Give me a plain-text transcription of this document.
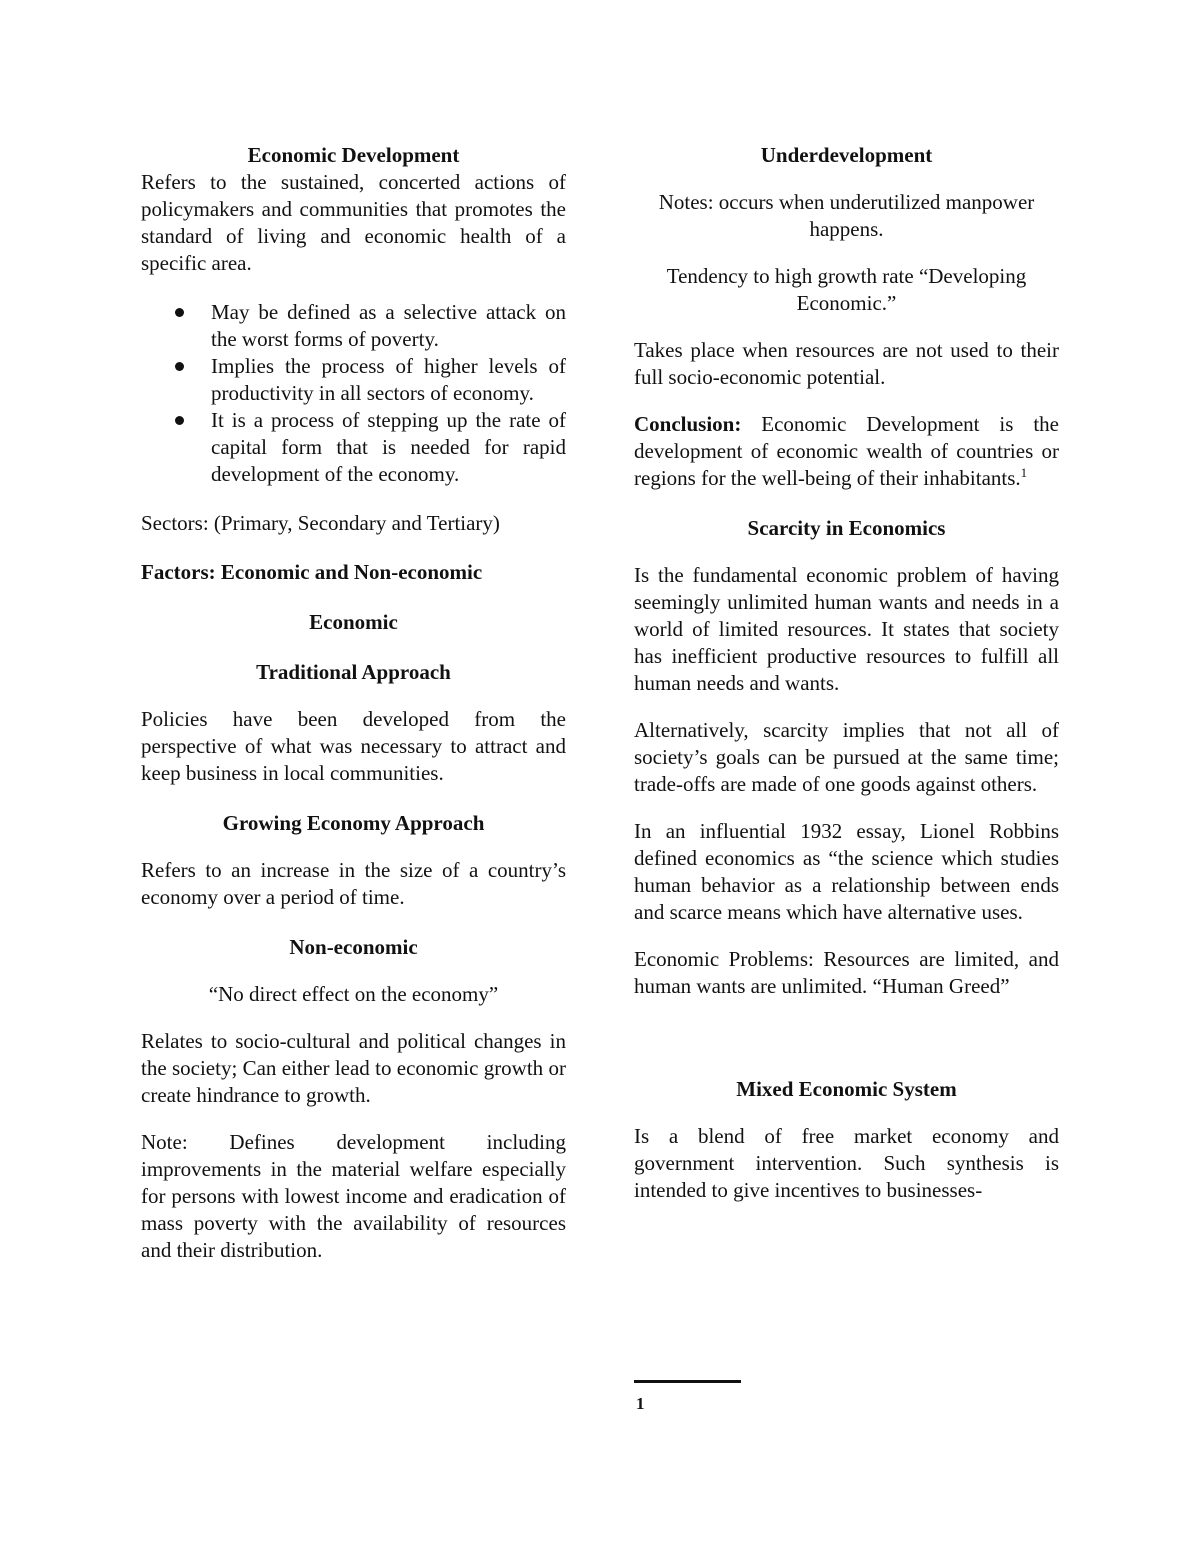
Economic Development

Refers to the sustained, concerted actions of policymakers and communities that promotes the standard of living and economic health of a specific area.

May be defined as a selective attack on the worst forms of poverty.
Implies the process of higher levels of productivity in all sectors of economy.
It is a process of stepping up the rate of capital form that is needed for rapid development of the economy.

Sectors: (Primary, Secondary and Tertiary)

Factors: Economic and Non-economic

Economic
Traditional Approach

Policies have been developed from the perspective of what was necessary to attract and keep business in local communities.

Growing Economy Approach

Refers to an increase in the size of a country’s economy over a period of time.

Non-economic

“No direct effect on the economy”

Relates to socio-cultural and political changes in the society; Can either lead to economic growth or create hindrance to growth.

Note: Defines development including improvements in the material welfare especially for persons with lowest income and eradication of mass poverty with the availability of resources and their distribution.

Underdevelopment

Notes: occurs when underutilized manpower happens.

Tendency to high growth rate “Developing Economic.”

Takes place when resources are not used to their full socio-economic potential.

Conclusion: Economic Development is the development of economic wealth of countries or regions for the well-being of their inhabitants.$^1$

Scarcity in Economics

Is the fundamental economic problem of having seemingly unlimited human wants and needs in a world of limited resources. It states that society has inefficient productive resources to fulfill all human needs and wants.

Alternatively, scarcity implies that not all of society’s goals can be pursued at the same time; trade-offs are made of one goods against others.

In an influential 1932 essay, Lionel Robbins defined economics as “the science which studies human behavior as a relationship between ends and scarce means which have alternative uses.

Economic Problems: Resources are limited, and human wants are unlimited. “Human Greed”

Mixed Economic System

Is a blend of free market economy and government intervention. Such synthesis is intended to give incentives to businesses-

1
